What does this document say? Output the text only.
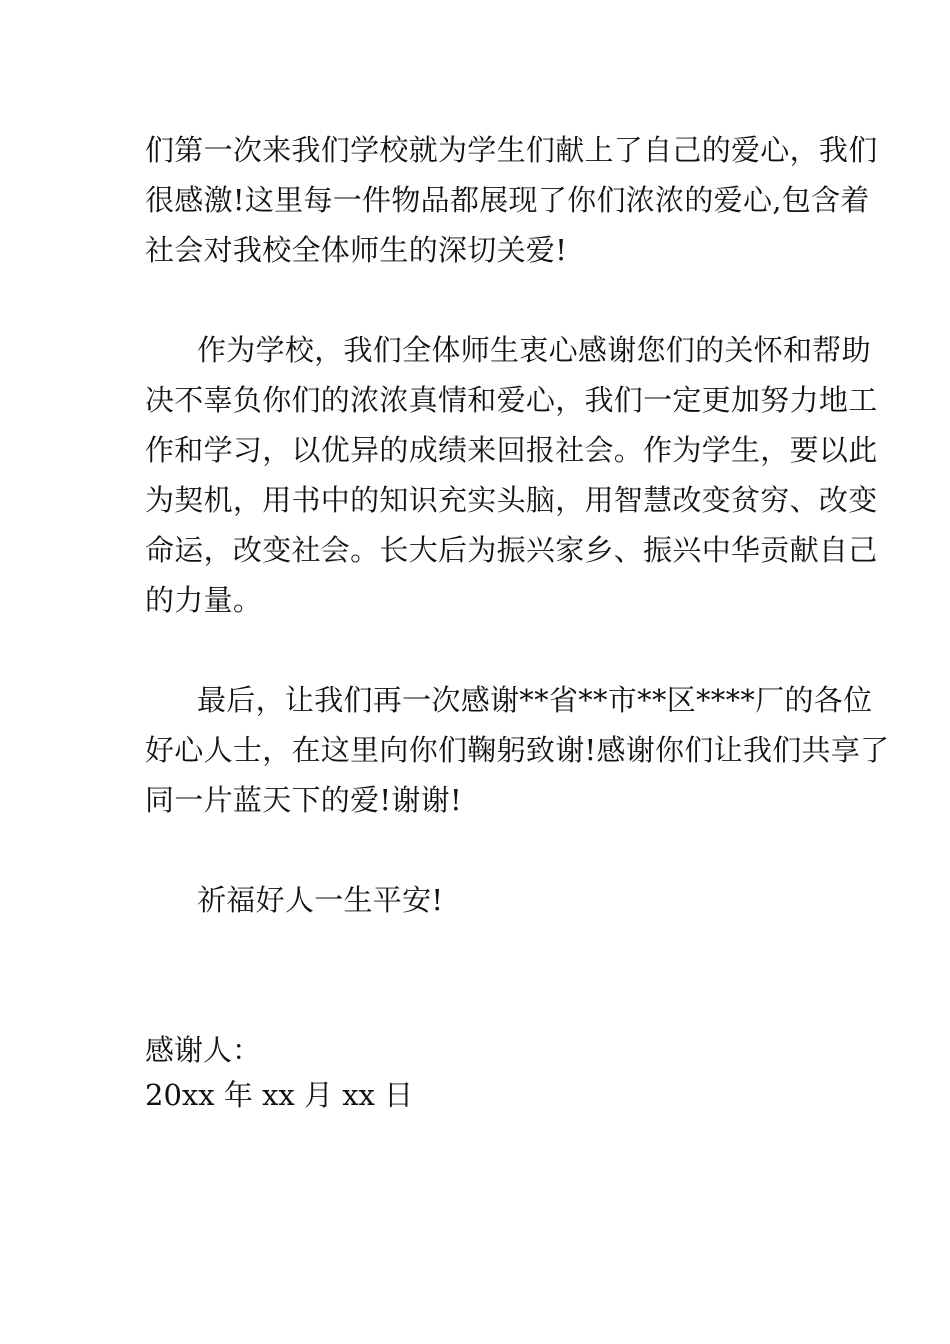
们第一次来我们学校就为学生们献上了自己的爱心，我们
很感激!这里每一件物品都展现了你们浓浓的爱心,包含着
社会对我校全体师生的深切关爱!
作为学校，我们全体师生衷心感谢您们的关怀和帮助
决不辜负你们的浓浓真情和爱心，我们一定更加努力地工
作和学习，以优异的成绩来回报社会。作为学生，要以此
为契机，用书中的知识充实头脑，用智慧改变贫穷、改变
命运，改变社会。长大后为振兴家乡、振兴中华贡献自己
的力量。
最后，让我们再一次感谢**省**市**区****厂的各位
好心人士，在这里向你们鞠躬致谢!感谢你们让我们共享了
同一片蓝天下的爱!谢谢!
祈福好人一生平安!
感谢人：
20xx 年 xx 月 xx 日
